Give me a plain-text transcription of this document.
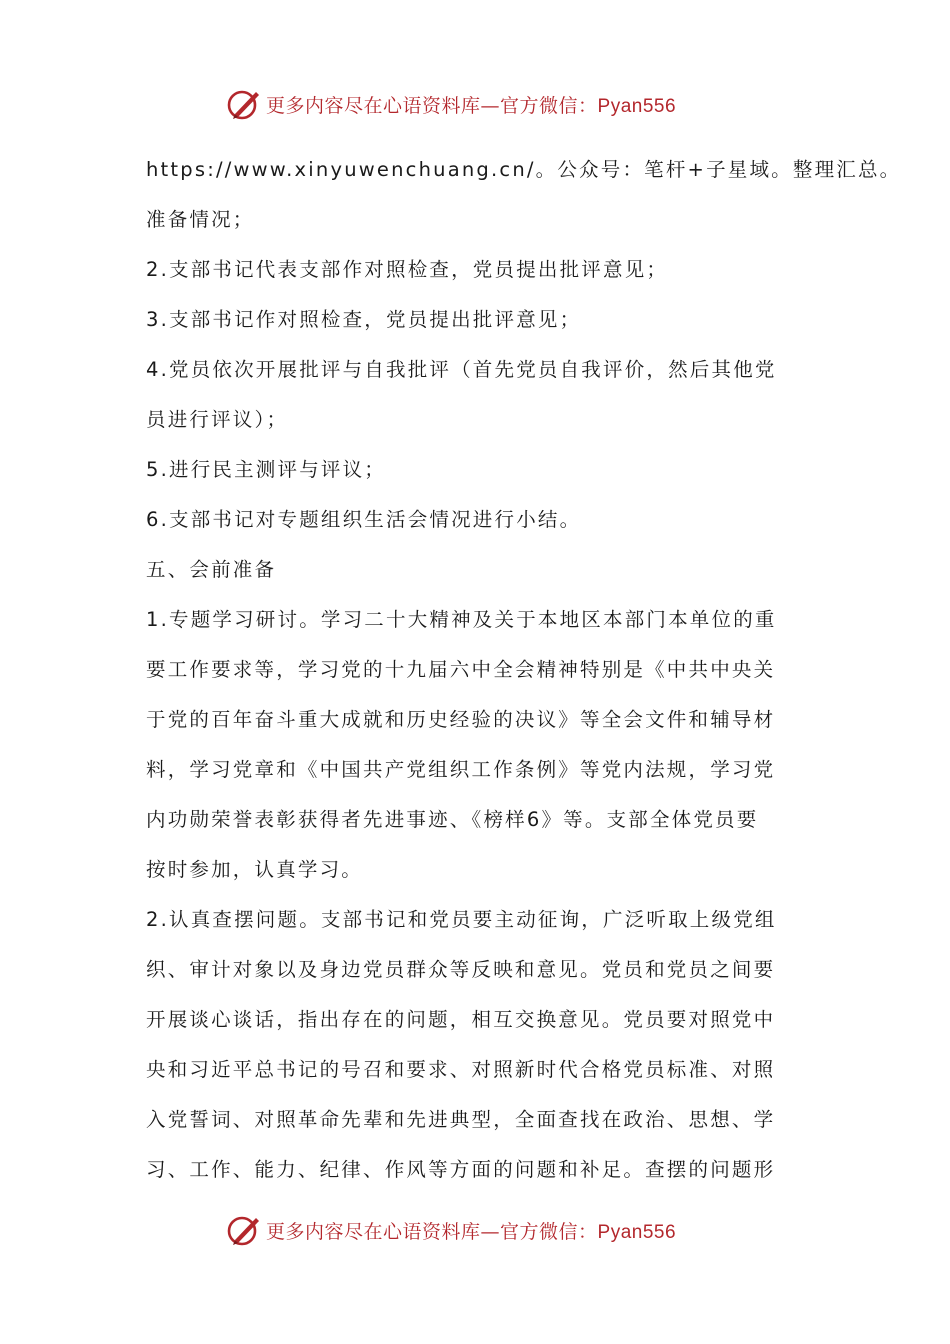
更多内容尽在心语资料库—官方微信：Pyan556
https://www.xinyuwenchuang.cn/。公众号：笔杆+子星域。整理汇总。
准备情况；
2.支部书记代表支部作对照检查，党员提出批评意见；
3.支部书记作对照检查，党员提出批评意见；
4.党员依次开展批评与自我批评（首先党员自我评价，然后其他党
员进行评议）；
5.进行民主测评与评议；
6.支部书记对专题组织生活会情况进行小结。
五、会前准备
1.专题学习研讨。学习二十大精神及关于本地区本部门本单位的重
要工作要求等，学习党的十九届六中全会精神特别是《中共中央关
于党的百年奋斗重大成就和历史经验的决议》等全会文件和辅导材
料，学习党章和《中国共产党组织工作条例》等党内法规，学习党
内功勋荣誉表彰获得者先进事迹、《榜样6》等。支部全体党员要
按时参加，认真学习。
2.认真查摆问题。支部书记和党员要主动征询，广泛听取上级党组
织、审计对象以及身边党员群众等反映和意见。党员和党员之间要
开展谈心谈话，指出存在的问题，相互交换意见。党员要对照党中
央和习近平总书记的号召和要求、对照新时代合格党员标准、对照
入党誓词、对照革命先辈和先进典型，全面查找在政治、思想、学
习、工作、能力、纪律、作风等方面的问题和补足。查摆的问题形
更多内容尽在心语资料库—官方微信：Pyan556
